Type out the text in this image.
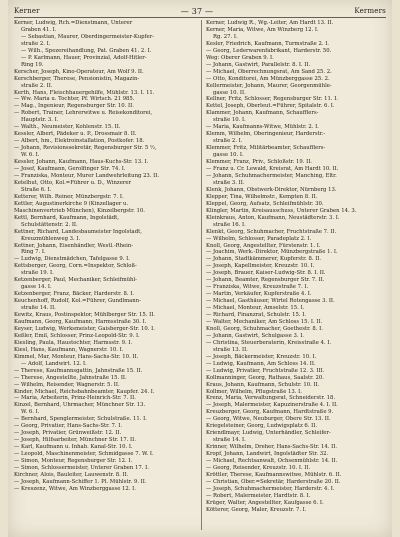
Kerner	— 37 —	Kermers
Kerner, Ludwig, Rch.=Dienstmann, Unterer
Graben 41. I.
— Sebastian, Maurer, Oberdingermeister-Kupfer-
straße 2. I.
— Wilh., Spezereihandlung, Pat. Graben 41. 2. I.
— P. Karlmann, Hauer, Provinzial, Adolf-Hitler-
Ring 19.
Kerscher, Joseph, Kino-Operateur, Am Wolf 9. II.
Kerschberger, Therese, Pensionistin, Magazin-
straße 2. II.
Kerth, Hans, Fleischhauergehilfe, Mühlstr. 13. I. 11.
— Ww. Maria u. Tochter, Pf. Wirtsch. 21 985.
— Mag., Ingenieur, Regensburger Str. 10. II.
— Robert, Trainer, Lehrerwitwe u. Reisekonditorei,
Hauptstr. 3. I.
— Walth., Neumeister, Kohlenstr. 15. II.
Kessler, Albert, Pädeker u. P., Drossmair 8. II.
— Albert, hm., Elektroinstallation, Postkofer. 18.
— Johann, Revisionssekretär, Regensburger Str. 5 ½,
W. 6. I.
Kessler, Johann, Kaufmann, Haus-Kuchs-Str. 13. I.
— Josef, Kaufmann, Gerolfinger Str. 74. I.
— Franziska, Monteur, Murer Landwehrleitung 23. II.
Ketelhut, Otto, Kol.=Führer u. D., Winzerer
Straße 6. I.
Ketterer, Wilh. Reiner, Münzbergstr. 7. I.
Kettler, Augustinerkirche 9 (Kinzellager u.
Maschinenvertrieb München), Kinzelbergstr. 10.
Kettl, Bernhard, Kaufmann, Ingolstädt,
Schulstättenstr. 2. II.
Kettner, Richard, Landesbaumeister Ingolstadt,
Kreuzmühlenweg 3. I.
Kettner, Johann, Eisenhändler, Westl.-Rhein-
Ring 7. I.
— Ludwig, Dienstmädchen, Tafelgasse 9. I.
Kettsberger, Georg, Corn.=Inspektor, Schloß-
straße 19. I.
Ketzenberger, Paul, Mechaniker, Schleifmühl-
gasse 14. I.
Ketzenberger, Franz, Bäcker, Harderstr. 8. I.
Keuchenhoff, Rudolf, Kol.=Führer, Gundlmann-
straße 14. II.
Kewitz, Kraus, Postinspektor, Mühlberger Str. 15. II.
Kaufmann, Georg, Kaufmann, Harmsstraße 30. I.
Keyser, Ludwig, Werksmeister, Gaisberger-Str. 10. I.
Keßler, Emil, Schlosser, Prinz-Leopold-Str. 9. I.
Kiesling, Paula, Haustochter, Harmsstr. 9. I.
Kiesl, Hans, Kaufmann, Wagnerstr. 10. I.
Kimmel, Mar, Monteur, Hans-Sachs-Str. 10. II.
— Adolf, Landwirt. 12. I.
— Therese, Kaufmannsgattin, Jahnstraße 15. II.
— Therese, Angestellte, Jahnstraße 15. II.
— Wilhelm, Reisender, Wagnerstr. 5. II.
Kinder, Michael, Reichsbahnbeamter, Kaupfer. 24. I.
— Maria, Arbeiterin, Prinz-Heinrich-Str. 7. II.
Kinzel, Bernhard, Uhrmacher, Münchner Str. 13.
W. 6. I.
— Bernhard, Spenglermeister, Schulstraße. 11. I.
— Georg, Privatier, Hans-Sachs-Str. 7. I.
— Joseph, Privatier, Grünweißstr. 12. II.
— Joseph, Hilfsarbeiter, Münchner Str. 17. II.
— Karl, Kaufmann u. Inhab. Kanal-Str. 10. I.
— Leopold, Maschinenmeister, Schmidgasse 7. W. I.
— Simon, Monteur, Regensburger Str. 12. I.
— Simon, Schlossermeister, Unterer Graben 17. I.
Kirchner, Alois, Bauleiter, Lauwenstr. 8. II.
— Joseph, Kaufmann-Schiffer 1. Pl. Mühlstr. 9. II.
— Kreszenz, Witwe, Am Winzberggasse 12. I.
Kerner, Ludwig R., Wg.-Leiter, Am Hardt 13. II.
Kerner, Maria, Witwe, Am Winzberg 12. I.
Rg. 27. I.
Kesler, Friedrich, Kaufmann, Turmstraße 2. I.
— Georg, Lederwarenfabrikant, Harderstr. 50.
Weg: Oberer Graben 9. I.
— Johann, Gastwirt, Parallelstr. 8. I. II.
— Michael, Oberrechnungsrat, Am Sand 25. 2.
— Otto, Konditorei, Am Münzberggasse 25. 2.
Kellermeister, Johann, Maurer, Georgenmühle-
gasse 10. II.
Kellner, Fritz, Schlosser, Regensburger Str. 11. I.
Kettel, Joseph, Oberleut.=Führer, Spitalstr. 6. I.
Klammer, Johann, Kaufmann, Schaufflers-
straße 10. I.
— Maria, Kaufmanns-Witwe, Mühlstr. 2. I.
Klemm, Wilhelm, Oberingenieur, Harderstr.-
straße 2. I.
Klemmer, Fritz, Militärbeamter, Schaufflers-
gasse 10. I.
Klemmer, Franz, Priv., Schloßstr. 19. II.
— Franz u. Cr. Lewald, Kreisrat, Am Hardt 10. II.
— Johann, Schuhmachermeister, Manching, Eltr.
straße 3. II.
Klenk, Johann, Obstwerk-Direktor, Nürnberg 13.
Klepper, Tina, Wilhelmstr., Kempten 8. II.
Kleppel, Georg, Aufsatz, Schleifmühlstr. 30.
Klingler, Martin, Kreisausschuss, Unterer Graben 14. 3.
Kleinkraus, Anton, Kaufmann, Neustädterstr. 3. I.
straße 16. I.
Klenkt, Georg, Schuhmacher, Fruchtstraße 7. II.
— Wilhelm, Schlosser, Paradeplatz 2. I.
Knoll, Georg, Angestellter, Fürstenstr. 1. I.
— Joachim, Werk.-Direktor, Münzbergstraße 1. I.
— Johann, Stadtkämmerer, Kupferstr. 8. II.
— Joseph, Kapellmeister, Kreuzstr. 10. I.
— Joseph, Brauer, Kaiser-Ludwig-Str. 8. I. II.
— Johann, Beamter, Regensburger Str. 7. II.
— Franziska, Witwe, Kreuzstraße 7. I.
— Martin, Verkäufer, Kupferstraße 4. I.
— Michael, Gasthäuser, Wirtel Rotengasse 3. II.
— Michael, Monteur, Amselstr. 15. I.
— Richard, Finanzrat, Schulstr. 15. I.
— Walter, Mechaniker, Am Schloss 15. I. II.
Knoll, Georg, Schuhmacher, Goethestr. 8. I.
— Johann, Gastwirt, Schulgasse 3. I.
— Christina, Steuerberaterin, Kreisstraße 4. I.
straße 13. II.
— Joseph, Bäckermeister, Kreuzstr. 10. I.
— Ludwig, Kaufmann, Am Schloss 14. II.
— Ludwig, Privatier, Fruchtstraße 12. 3. III.
Kollmanninger, Georg, Rathaus, Saalstr. 20.
Kraus, Johann, Kaufmann, Schulstr. 10. II.
Kollmer, Wilhelm, Pflugstraße 13. I.
Krenz, Maria, Verwaltungsrat, Schneiderstr. 18.
— Joseph, Malermeister, Kapuzinerstraße 4. I. II.
Kreuzberger, Georg, Kaufmann, Hardtstraße 9.
— Georg, Witwe, Neuburger, Obere Str. 13. II.
Kriegelsteiner, Georg, Ludwigsplatz 6. II.
Kriendlmayr, Ludwig, Unterhändler, Schleifer-
straße 14. I.
Krinner, Wilhelm, Dreher, Hans-Sachs-Str. 14. II.
Kropf, Johann, Landwirt, Ingolstädter Str. 32.
— Michael, Rechtsanwalt, Ochsenmühlstr. 14. II.
— Georg, Reisender, Kreuzstr. 10. I. II.
Kröttler, Therese, Kaufmannswitwe, Mühlstr. 6. II.
— Christian, Ober.=Sekretär, Harderstraße 20. II.
— Joseph, Schuhmachermeister, Harderstr. 4. I.
— Robert, Malermeister, Hardtstr. 8. I.
Krüger, Walter, Angestellter, Kaufgasse 6. I.
Kötterer, Georg, Maler, Kreuzstr. 7. I.
